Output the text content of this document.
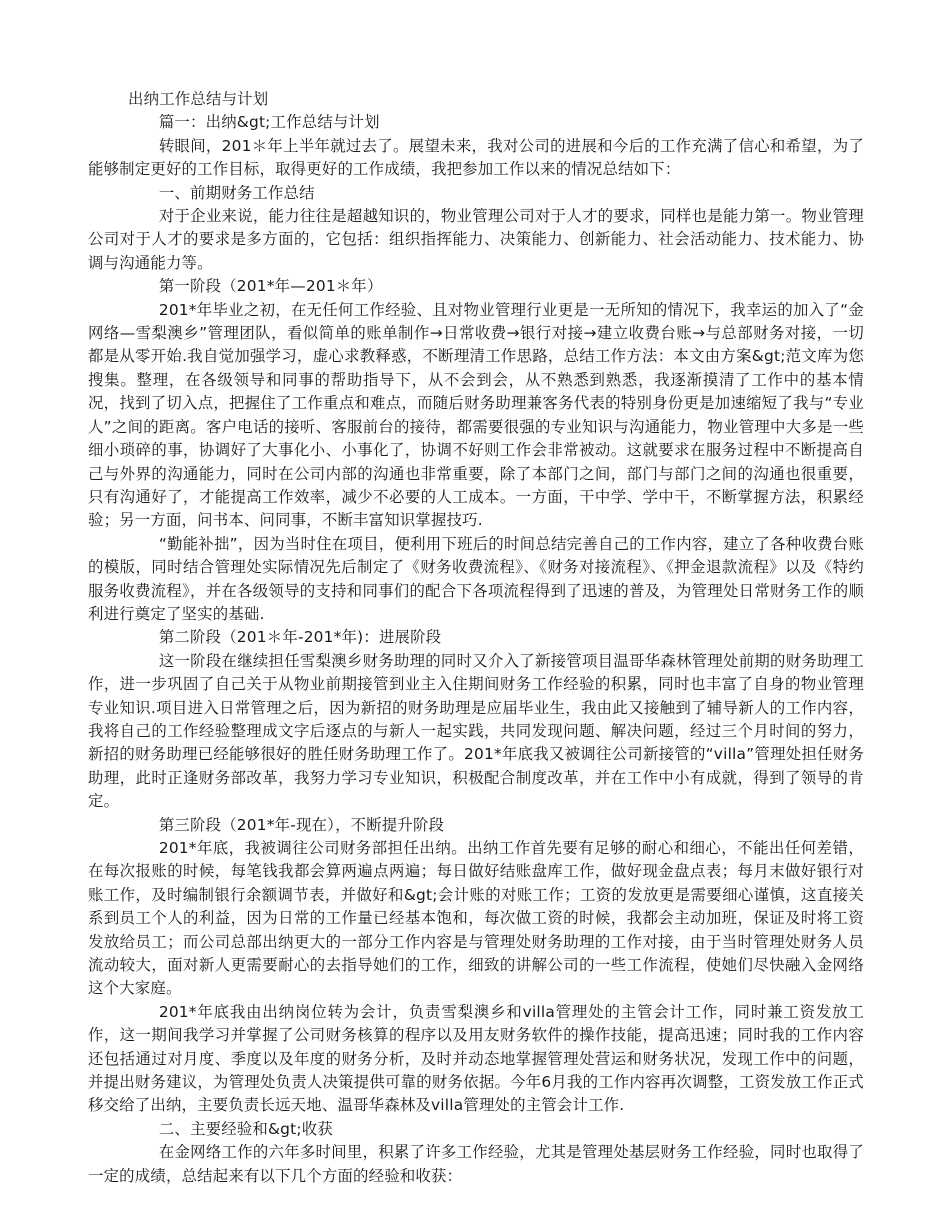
出纳工作总结与计划

篇一：出纳&gt;工作总结与计划

转眼间，201＊年上半年就过去了。展望未来，我对公司的进展和今后的工作充满了信心和希望，为了能够制定更好的工作目标，取得更好的工作成绩，我把参加工作以来的情况总结如下：

一、前期财务工作总结

对于企业来说，能力往往是超越知识的，物业管理公司对于人才的要求，同样也是能力第一。物业管理公司对于人才的要求是多方面的，它包括：组织指挥能力、决策能力、创新能力、社会活动能力、技术能力、协调与沟通能力等。

第一阶段（201*年—201＊年）

201*年毕业之初，在无任何工作经验、且对物业管理行业更是一无所知的情况下，我幸运的加入了“金网络—雪梨澳乡”管理团队，看似简单的账单制作→日常收费→银行对接→建立收费台账→与总部财务对接，一切都是从零开始.我自觉加强学习，虚心求教释惑，不断理清工作思路，总结工作方法：本文由方案&gt;范文库为您搜集。整理，在各级领导和同事的帮助指导下，从不会到会，从不熟悉到熟悉，我逐渐摸清了工作中的基本情况，找到了切入点，把握住了工作重点和难点，而随后财务助理兼客务代表的特别身份更是加速缩短了我与“专业人”之间的距离。客户电话的接听、客服前台的接待，都需要很强的专业知识与沟通能力，物业管理中大多是一些细小琐碎的事，协调好了大事化小、小事化了，协调不好则工作会非常被动。这就要求在服务过程中不断提高自己与外界的沟通能力，同时在公司内部的沟通也非常重要，除了本部门之间，部门与部门之间的沟通也很重要，只有沟通好了，才能提高工作效率，减少不必要的人工成本。一方面，干中学、学中干，不断掌握方法，积累经验；另一方面，问书本、问同事，不断丰富知识掌握技巧.

“勤能补拙”，因为当时住在项目，便利用下班后的时间总结完善自己的工作内容，建立了各种收费台账的模版，同时结合管理处实际情况先后制定了《财务收费流程》、《财务对接流程》、《押金退款流程》以及《特约服务收费流程》，并在各级领导的支持和同事们的配合下各项流程得到了迅速的普及，为管理处日常财务工作的顺利进行奠定了坚实的基础.

第二阶段（201＊年-201*年)：进展阶段

这一阶段在继续担任雪梨澳乡财务助理的同时又介入了新接管项目温哥华森林管理处前期的财务助理工作，进一步巩固了自己关于从物业前期接管到业主入住期间财务工作经验的积累，同时也丰富了自身的物业管理专业知识.项目进入日常管理之后，因为新招的财务助理是应届毕业生，我由此又接触到了辅导新人的工作内容，我将自己的工作经验整理成文字后逐点的与新人一起实践，共同发现问题、解决问题，经过三个月时间的努力，新招的财务助理已经能够很好的胜任财务助理工作了。201*年底我又被调往公司新接管的“villa”管理处担任财务助理，此时正逢财务部改革，我努力学习专业知识，积极配合制度改革，并在工作中小有成就，得到了领导的肯定。

第三阶段（201*年-现在），不断提升阶段

201*年底，我被调往公司财务部担任出纳。出纳工作首先要有足够的耐心和细心，不能出任何差错，在每次报账的时候，每笔钱我都会算两遍点两遍；每日做好结账盘库工作，做好现金盘点表；每月末做好银行对账工作，及时编制银行余额调节表，并做好和&gt;会计账的对账工作；工资的发放更是需要细心谨慎，这直接关系到员工个人的利益，因为日常的工作量已经基本饱和，每次做工资的时候，我都会主动加班，保证及时将工资发放给员工；而公司总部出纳更大的一部分工作内容是与管理处财务助理的工作对接，由于当时管理处财务人员流动较大，面对新人更需要耐心的去指导她们的工作，细致的讲解公司的一些工作流程，使她们尽快融入金网络这个大家庭。

201*年底我由出纳岗位转为会计，负责雪梨澳乡和villa管理处的主管会计工作，同时兼工资发放工作，这一期间我学习并掌握了公司财务核算的程序以及用友财务软件的操作技能，提高迅速；同时我的工作内容还包括通过对月度、季度以及年度的财务分析，及时并动态地掌握管理处营运和财务状况，发现工作中的问题，并提出财务建议，为管理处负责人决策提供可靠的财务依据。今年6月我的工作内容再次调整，工资发放工作正式移交给了出纳，主要负责长远天地、温哥华森林及villa管理处的主管会计工作.

二、主要经验和&gt;收获

在金网络工作的六年多时间里，积累了许多工作经验，尤其是管理处基层财务工作经验，同时也取得了一定的成绩，总结起来有以下几个方面的经验和收获：
